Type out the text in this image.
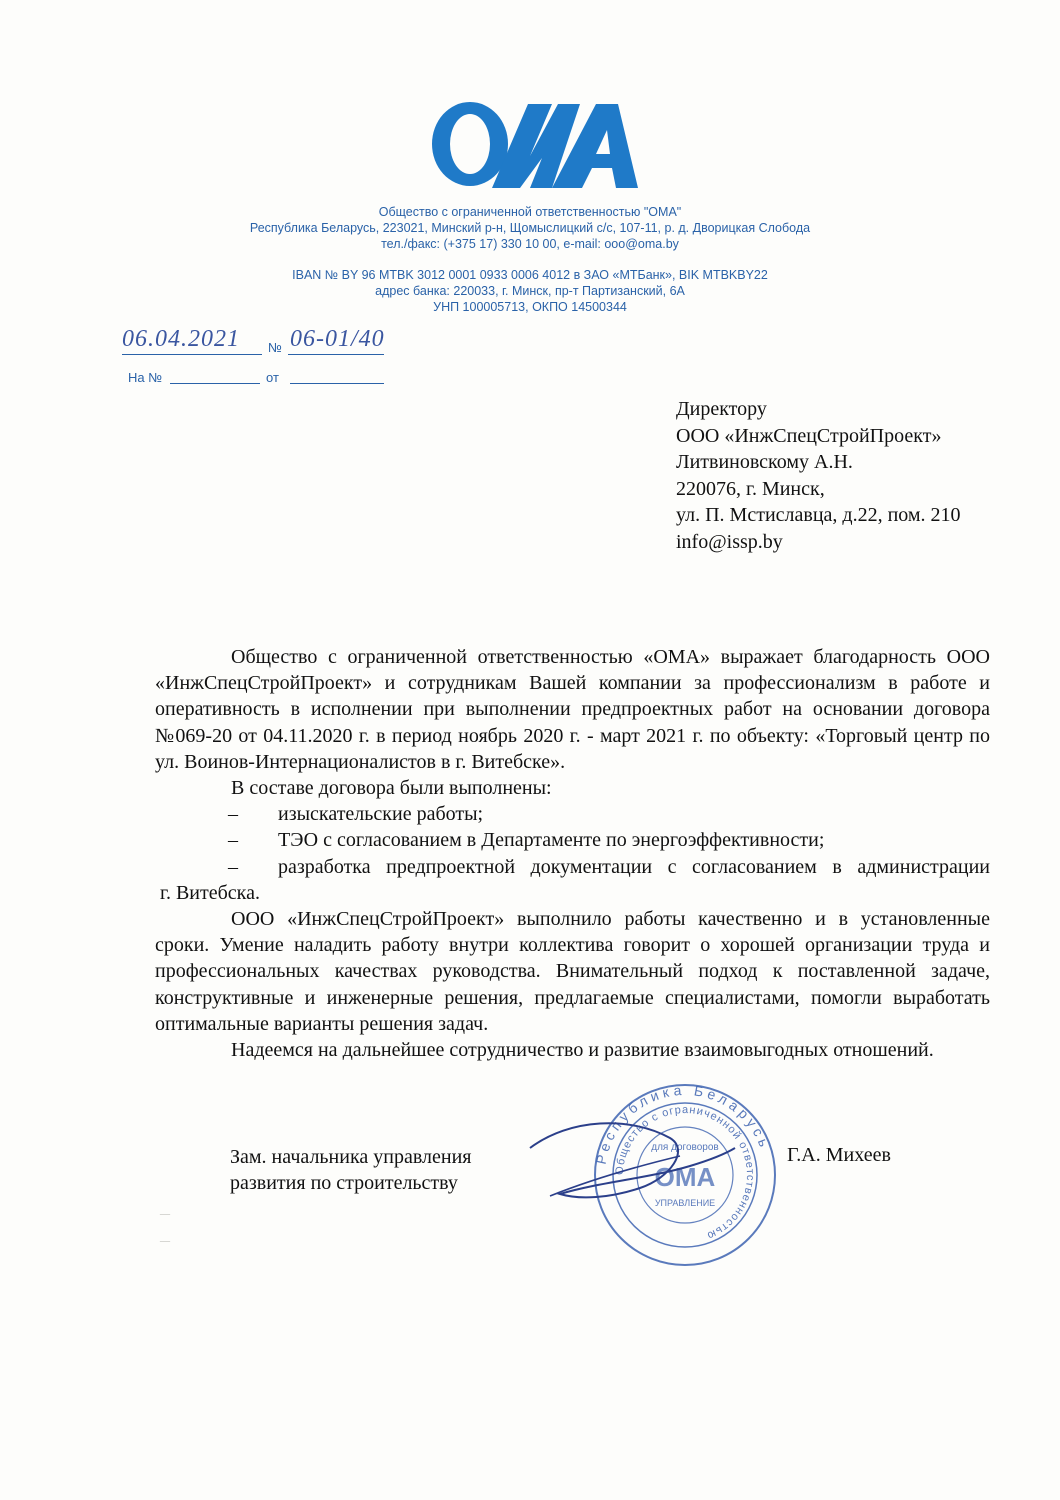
Общество с ограниченной ответственностью "ОМА"
Республика Беларусь, 223021, Минский р-н, Щомыслицкий с/с, 107-11, р. д. Дворицкая Слобода
тел./факс: (+375 17) 330 10 00, e-mail: ooo@oma.by
IBAN № BY 96 MTBK 3012 0001 0933 0006 4012 в ЗАО «МТБанк», BIK MTBKBY22
адрес банка: 220033, г. Минск, пр-т Партизанский, 6А
УНП 100005713, ОКПО 14500344
06.04.2021 № 06-01/40
На №	от
Директору
ООО «ИнжСпецСтройПроект»
Литвиновскому А.Н.
220076, г. Минск,
ул. П. Мстиславца, д.22, пом. 210
info@issp.by

Общество с ограниченной ответственностью «ОМА» выражает благодарность ООО «ИнжСпецСтройПроект» и сотрудникам Вашей компании за профессионализм в работе и оперативность в исполнении при выполнении предпроектных работ на основании договора №069-20 от 04.11.2020 г. в период ноябрь 2020 г. - март 2021 г. по объекту: «Торговый центр по ул. Воинов-Интернационалистов в г. Витебске».

В составе договора были выполнены:

–	изыскательские работы;
–	ТЭО с согласованием в Департаменте по энергоэффективности;
–	разработка предпроектной документации с согласованием в администрации

г. Витебска.

ООО «ИнжСпецСтройПроект» выполнило работы качественно и в установленные сроки. Умение наладить работу внутри коллектива говорит о хорошей организации труда и профессиональных качествах руководства. Внимательный подход к поставленной задаче, конструктивные и инженерные решения, предлагаемые специалистами, помогли выработать оптимальные варианты решения задач.

Надеемся на дальнейшее сотрудничество и развитие взаимовыгодных отношений.

–
–
Зам. начальника управления
развития по строительству
Г.А. Михеев
Республика Беларусь
Общество с ограниченной ответственностью
для договоров
OMA
УПРАВЛЕНИЕ
